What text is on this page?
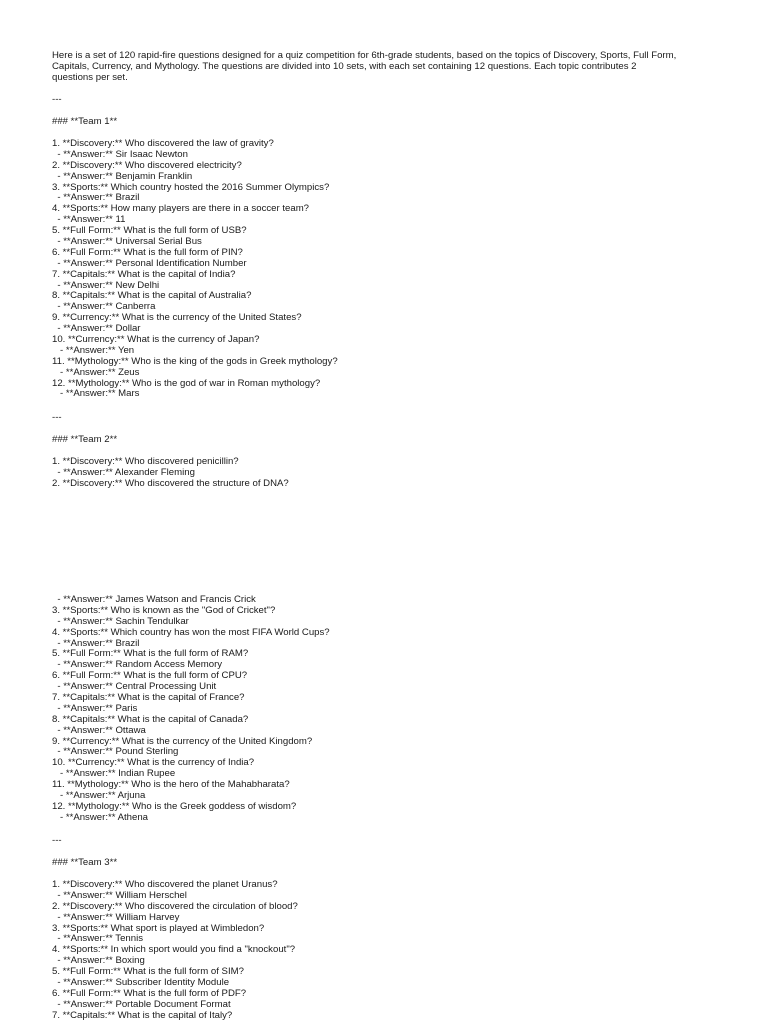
Here is a set of 120 rapid-fire questions designed for a quiz competition for 6th-grade students, based on the topics of Discovery, Sports, Full Form,
Capitals, Currency, and Mythology. The questions are divided into 10 sets, with each set containing 12 questions. Each topic contributes 2
questions per set.
---
### **Team 1**
1. **Discovery:** Who discovered the law of gravity?
- **Answer:** Sir Isaac Newton
2. **Discovery:** Who discovered electricity?
- **Answer:** Benjamin Franklin
3. **Sports:** Which country hosted the 2016 Summer Olympics?
- **Answer:** Brazil
4. **Sports:** How many players are there in a soccer team?
- **Answer:** 11
5. **Full Form:** What is the full form of USB?
- **Answer:** Universal Serial Bus
6. **Full Form:** What is the full form of PIN?
- **Answer:** Personal Identification Number
7. **Capitals:** What is the capital of India?
- **Answer:** New Delhi
8. **Capitals:** What is the capital of Australia?
- **Answer:** Canberra
9. **Currency:** What is the currency of the United States?
- **Answer:** Dollar
10. **Currency:** What is the currency of Japan?
- **Answer:** Yen
11. **Mythology:** Who is the king of the gods in Greek mythology?
- **Answer:** Zeus
12. **Mythology:** Who is the god of war in Roman mythology?
- **Answer:** Mars
---
### **Team 2**
1. **Discovery:** Who discovered penicillin?
- **Answer:** Alexander Fleming
2. **Discovery:** Who discovered the structure of DNA?
- **Answer:** James Watson and Francis Crick
3. **Sports:** Who is known as the "God of Cricket"?
- **Answer:** Sachin Tendulkar
4. **Sports:** Which country has won the most FIFA World Cups?
- **Answer:** Brazil
5. **Full Form:** What is the full form of RAM?
- **Answer:** Random Access Memory
6. **Full Form:** What is the full form of CPU?
- **Answer:** Central Processing Unit
7. **Capitals:** What is the capital of France?
- **Answer:** Paris
8. **Capitals:** What is the capital of Canada?
- **Answer:** Ottawa
9. **Currency:** What is the currency of the United Kingdom?
- **Answer:** Pound Sterling
10. **Currency:** What is the currency of India?
- **Answer:** Indian Rupee
11. **Mythology:** Who is the hero of the Mahabharata?
- **Answer:** Arjuna
12. **Mythology:** Who is the Greek goddess of wisdom?
- **Answer:** Athena
---
### **Team 3**
1. **Discovery:** Who discovered the planet Uranus?
- **Answer:** William Herschel
2. **Discovery:** Who discovered the circulation of blood?
- **Answer:** William Harvey
3. **Sports:** What sport is played at Wimbledon?
- **Answer:** Tennis
4. **Sports:** In which sport would you find a "knockout"?
- **Answer:** Boxing
5. **Full Form:** What is the full form of SIM?
- **Answer:** Subscriber Identity Module
6. **Full Form:** What is the full form of PDF?
- **Answer:** Portable Document Format
7. **Capitals:** What is the capital of Italy?
